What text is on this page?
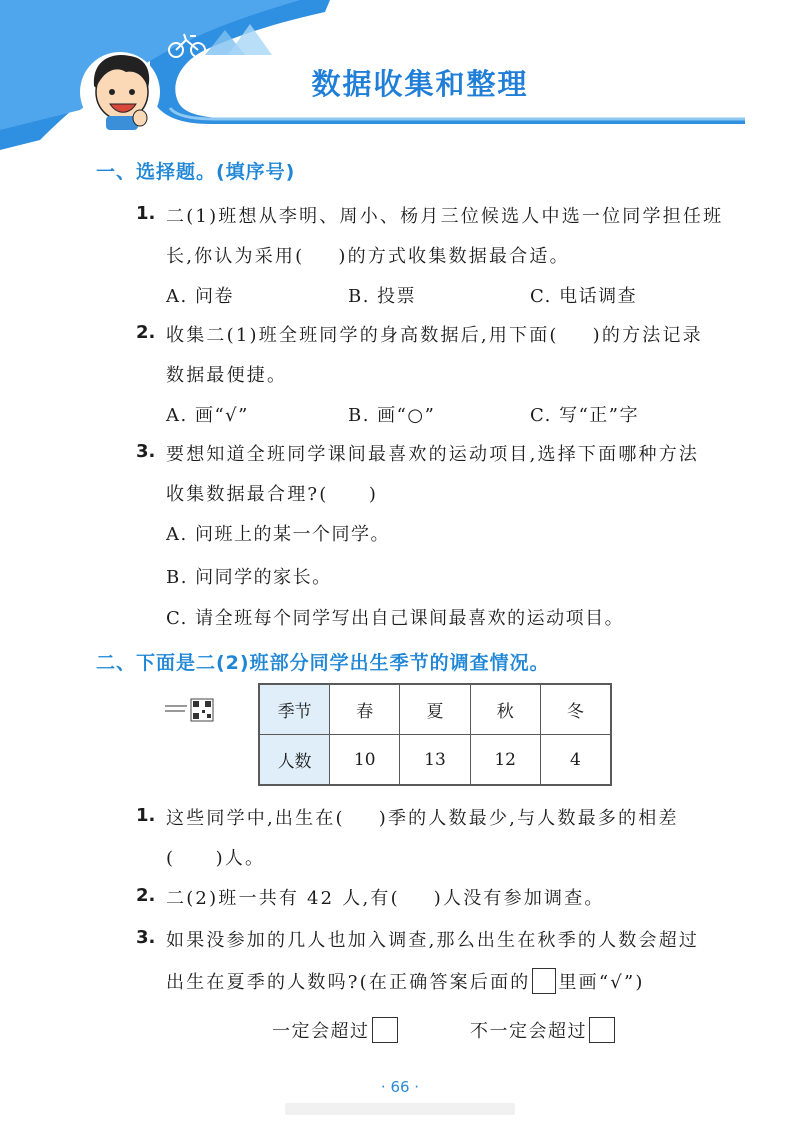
数据收集和整理
一、选择题。(填序号)
1. 二(1)班想从李明、周小、杨月三位候选人中选一位同学担任班
长,你认为采用( )的方式收集数据最合适。
A. 问卷	B. 投票	C. 电话调查
2. 收集二(1)班全班同学的身高数据后,用下面( )的方法记录
数据最便捷。
A. 画“√”	B. 画“○”	C. 写“正”字
3. 要想知道全班同学课间最喜欢的运动项目,选择下面哪种方法
收集数据最合理?(　　)
A. 问班上的某一个同学。
B. 问同学的家长。
C. 请全班每个同学写出自己课间最喜欢的运动项目。
二、下面是二(2)班部分同学出生季节的调查情况。
季节	春	夏	秋	冬
人数	10	13	12	4
1. 这些同学中,出生在( )季的人数最少,与人数最多的相差
(　　)人。
2. 二(2)班一共有 42 人,有( )人没有参加调查。
3. 如果没参加的几人也加入调查,那么出生在秋季的人数会超过
出生在夏季的人数吗?(在正确答案后面的 里画“√”)
一定会超过	不一定会超过
· 66 ·
